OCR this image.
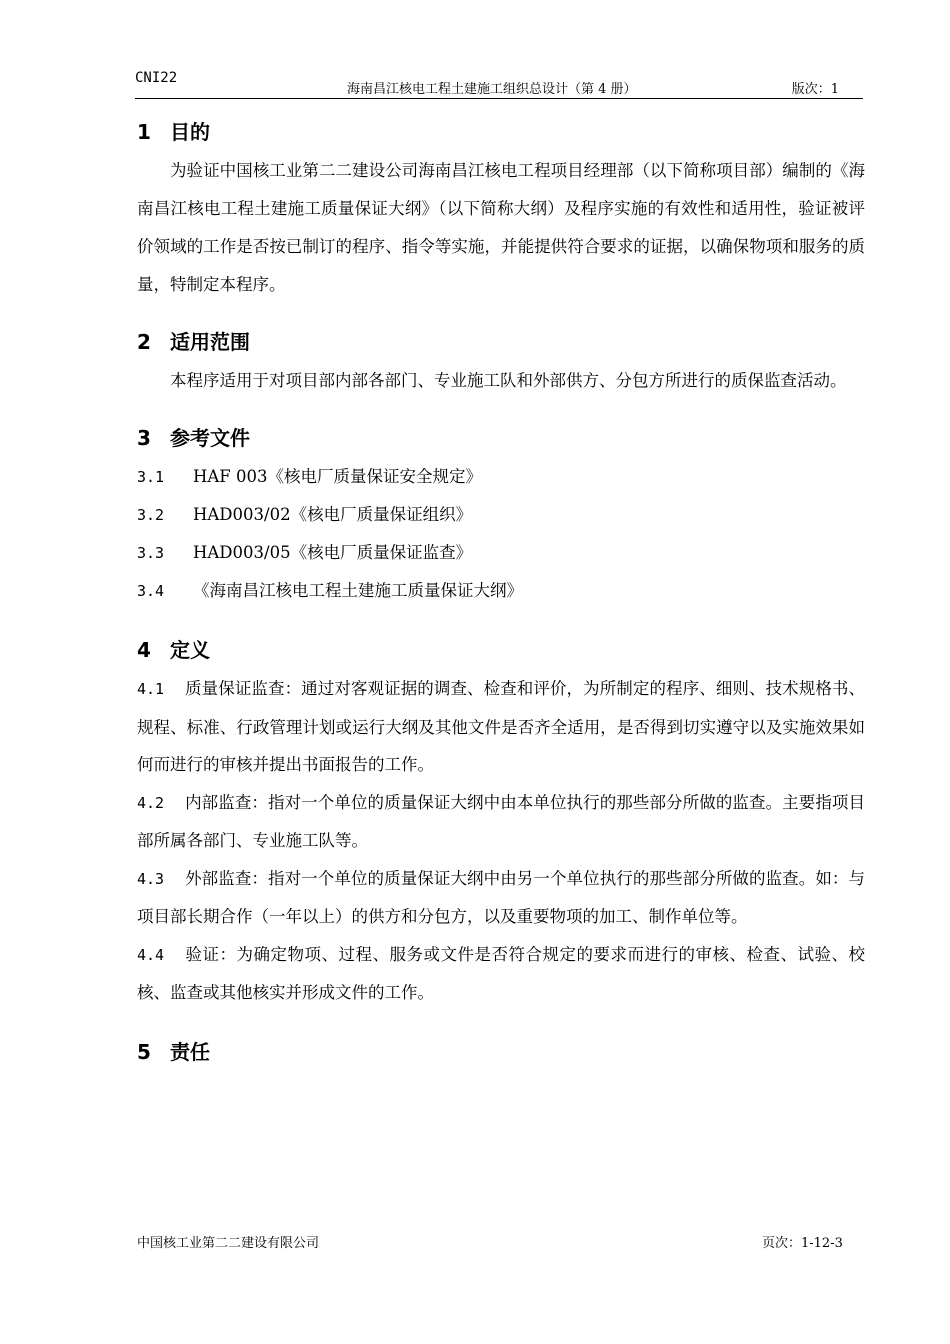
CNI22
海南昌江核电工程土建施工组织总设计（第 4 册）	版次：1
1 目的

为验证中国核工业第二二建设公司海南昌江核电工程项目经理部（以下简称项目部）编制的《海南昌江核电工程土建施工质量保证大纲》（以下简称大纲）及程序实施的有效性和适用性，验证被评价领域的工作是否按已制订的程序、指令等实施，并能提供符合要求的证据，以确保物项和服务的质量，特制定本程序。

2 适用范围

本程序适用于对项目部内部各部门、专业施工队和外部供方、分包方所进行的质保监查活动。

3 参考文件
3.1 HAF 003《核电厂质量保证安全规定》
3.2 HAD003/02《核电厂质量保证组织》
3.3 HAD003/05《核电厂质量保证监查》
3.4 《海南昌江核电工程土建施工质量保证大纲》
4 定义

4.1 质量保证监查：通过对客观证据的调查、检查和评价，为所制定的程序、细则、技术规格书、规程、标准、行政管理计划或运行大纲及其他文件是否齐全适用，是否得到切实遵守以及实施效果如何而进行的审核并提出书面报告的工作。

4.2 内部监查：指对一个单位的质量保证大纲中由本单位执行的那些部分所做的监查。主要指项目部所属各部门、专业施工队等。

4.3 外部监查：指对一个单位的质量保证大纲中由另一个单位执行的那些部分所做的监查。如：与项目部长期合作（一年以上）的供方和分包方，以及重要物项的加工、制作单位等。

4.4 验证：为确定物项、过程、服务或文件是否符合规定的要求而进行的审核、检查、试验、校核、监查或其他核实并形成文件的工作。

5 责任
中国核工业第二二建设有限公司	页次：1-12-3
